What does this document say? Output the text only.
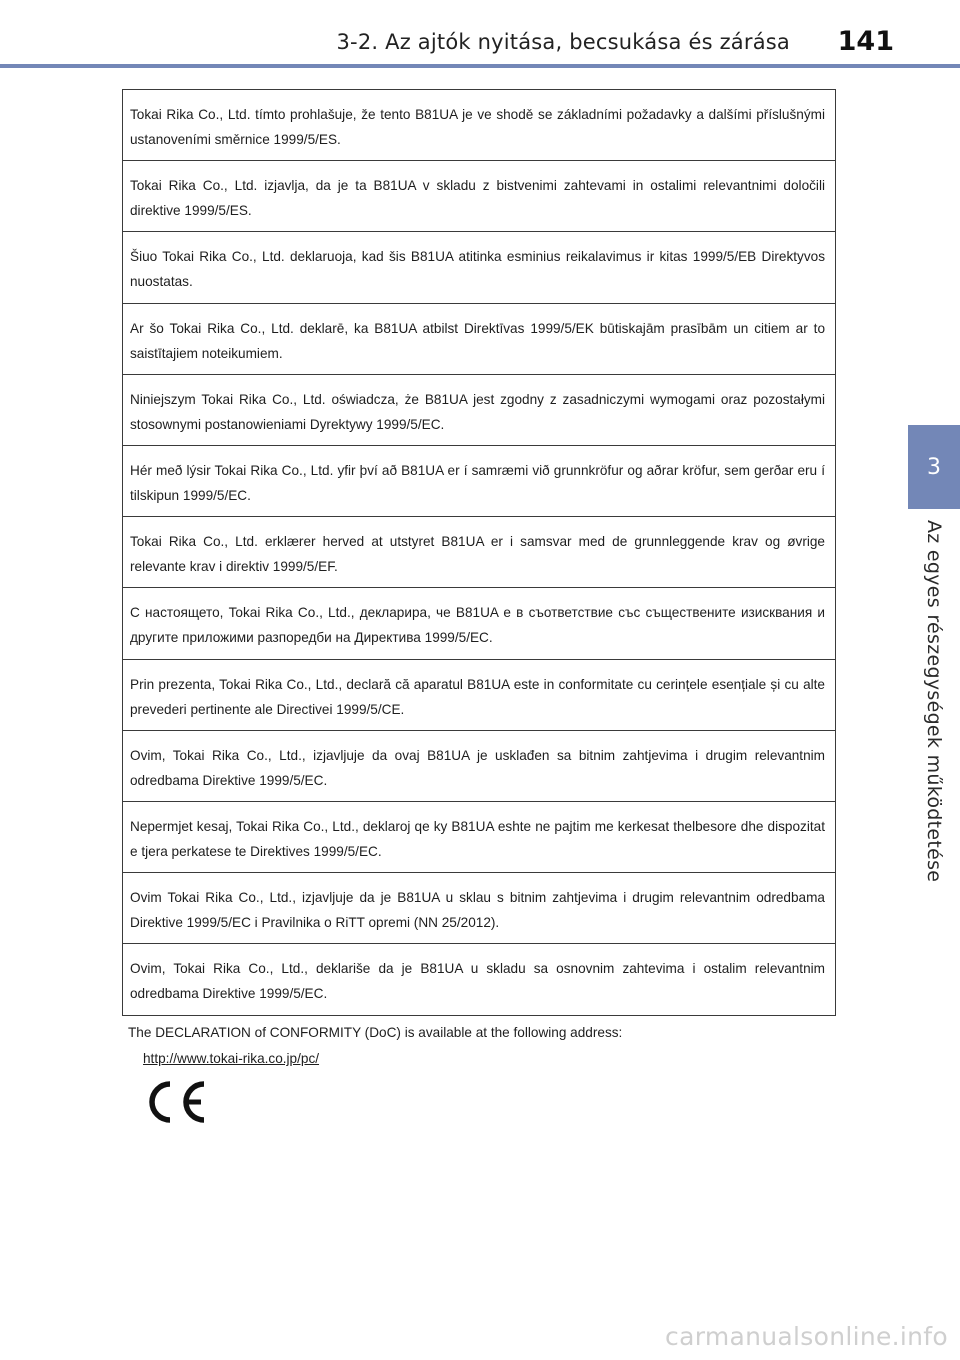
3-2. Az ajtók nyitása, becsukása és zárása 141
3
Az egyes részegységek működtetése
Tokai Rika Co., Ltd. tímto prohlašuje, že tento B81UA je ve shodě se základními požadavky a dalšími příslušnými ustanoveními směrnice 1999/5/ES.
Tokai Rika Co., Ltd. izjavlja, da je ta B81UA v skladu z bistvenimi zahtevami in ostalimi relevantnimi določili direktive 1999/5/ES.
Šiuo Tokai Rika Co., Ltd. deklaruoja, kad šis B81UA atitinka esminius reikalavimus ir kitas 1999/5/EB Direktyvos nuostatas.
Ar šo Tokai Rika Co., Ltd. deklarē, ka B81UA atbilst Direktīvas 1999/5/EK būtiskajām prasībām un citiem ar to saistītajiem noteikumiem.
Niniejszym Tokai Rika Co., Ltd. oświadcza, że B81UA jest zgodny z zasadniczymi wymogami oraz pozostałymi stosownymi postanowieniami Dyrektywy 1999/5/EC.
Hér með lýsir Tokai Rika Co., Ltd. yfir því að B81UA er í samræmi við grunnkröfur og aðrar kröfur, sem gerðar eru í tilskipun 1999/5/EC.
Tokai Rika Co., Ltd. erklærer herved at utstyret B81UA er i samsvar med de grunnleggende krav og øvrige relevante krav i direktiv 1999/5/EF.
С настоящето, Tokai Rika Co., Ltd., декларира, че B81UA е в съответствие със съществените изисквания и другите приложими разпоредби на Директива 1999/5/EC.
Prin prezenta, Tokai Rika Co., Ltd., declară că aparatul B81UA este in conformitate cu cerințele esențiale și cu alte prevederi pertinente ale Directivei 1999/5/CE.
Ovim, Tokai Rika Co., Ltd., izjavljuje da ovaj B81UA je usklađen sa bitnim zahtjevima i drugim relevantnim odredbama Direktive 1999/5/EC.
Nepermjet kesaj, Tokai Rika Co., Ltd., deklaroj qe ky B81UA eshte ne pajtim me kerkesat thelbesore dhe dispozitat e tjera perkatese te Direktives 1999/5/EC.
Ovim Tokai Rika Co., Ltd., izjavljuje da je B81UA u sklau s bitnim zahtjevima i drugim relevantnim odredbama Direktive 1999/5/EC i Pravilnika o RiTT opremi (NN 25/2012).
Ovim, Tokai Rika Co., Ltd., deklariše da je B81UA u skladu sa osnovnim zahtevima i ostalim relevantnim odredbama Direktive 1999/5/EC.
The DECLARATION of CONFORMITY (DoC) is available at the following address:
http://www.tokai-rika.co.jp/pc/
carmanualsonline.info
